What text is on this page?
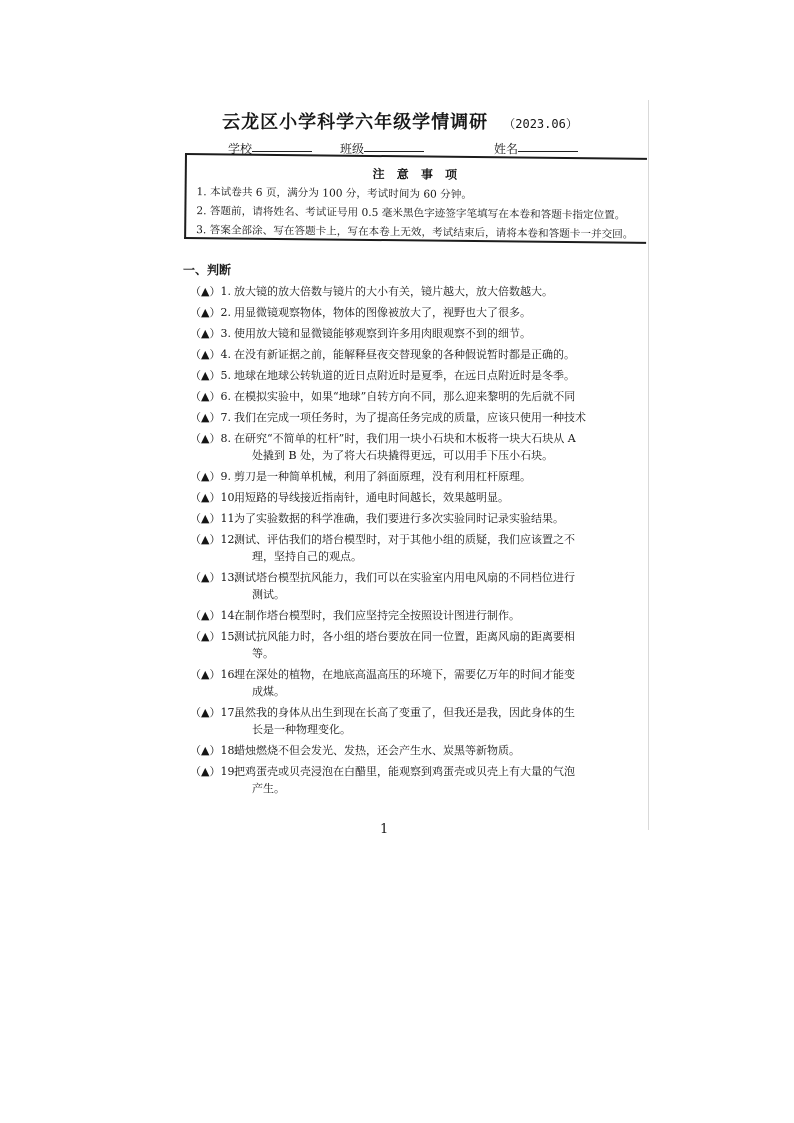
云龙区小学科学六年级学情调研 （2023.06）
学校	班级	姓名
注 意 事 项
1. 本试卷共 6 页，满分为 100 分，考试时间为 60 分钟。
2. 答题前，请将姓名、考试证号用 0.5 毫米黑色字迹签字笔填写在本卷和答题卡指定位置。
3. 答案全部涂、写在答题卡上，写在本卷上无效，考试结束后，请将本卷和答题卡一并交回。
一、判断
（▲）1. 放大镜的放大倍数与镜片的大小有关，镜片越大，放大倍数越大。
（▲）2. 用显微镜观察物体，物体的图像被放大了，视野也大了很多。
（▲）3. 使用放大镜和显微镜能够观察到许多用肉眼观察不到的细节。
（▲）4. 在没有新证据之前，能解释昼夜交替现象的各种假说暂时都是正确的。
（▲）5. 地球在地球公转轨道的近日点附近时是夏季，在远日点附近时是冬季。
（▲）6. 在模拟实验中，如果“地球”自转方向不同，那么迎来黎明的先后就不同
（▲）7. 我们在完成一项任务时，为了提高任务完成的质量，应该只使用一种技术
（▲）8. 在研究“不简单的杠杆”时，我们用一块小石块和木板将一块大石块从 A
处撬到 B 处，为了将大石块撬得更远，可以用手下压小石块。
（▲）9. 剪刀是一种简单机械，利用了斜面原理，没有利用杠杆原理。
（▲）10.用短路的导线接近指南针，通电时间越长，效果越明显。
（▲）11.为了实验数据的科学准确，我们要进行多次实验同时记录实验结果。
（▲）12.测试、评估我们的塔台模型时，对于其他小组的质疑，我们应该置之不
理，坚持自己的观点。
（▲）13.测试塔台模型抗风能力，我们可以在实验室内用电风扇的不同档位进行
测试。
（▲）14.在制作塔台模型时，我们应坚持完全按照设计图进行制作。
（▲）15.测试抗风能力时，各小组的塔台要放在同一位置，距离风扇的距离要相
等。
（▲）16.埋在深处的植物，在地底高温高压的环境下，需要亿万年的时间才能变
成煤。
（▲）17.虽然我的身体从出生到现在长高了变重了，但我还是我，因此身体的生
长是一种物理变化。
（▲）18.蜡烛燃烧不但会发光、发热，还会产生水、炭黑等新物质。
（▲）19.把鸡蛋壳或贝壳浸泡在白醋里，能观察到鸡蛋壳或贝壳上有大量的气泡
产生。
1
